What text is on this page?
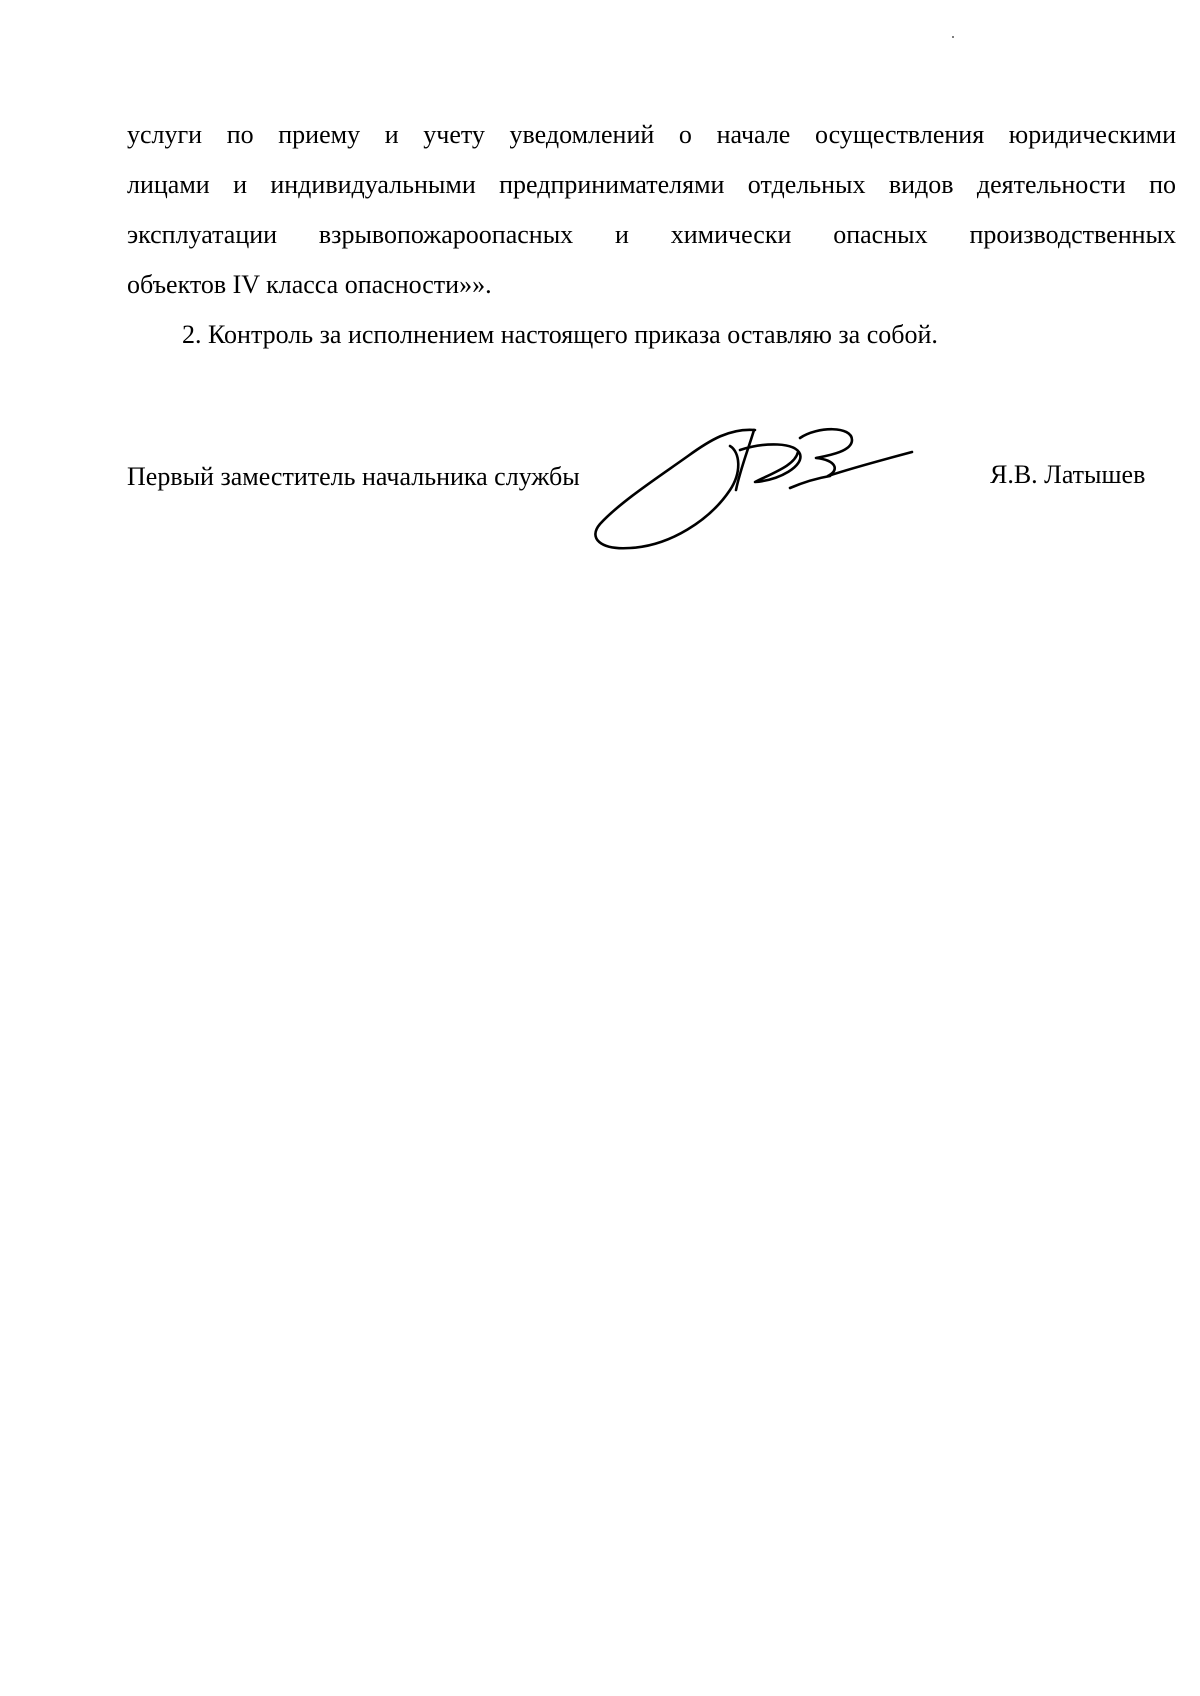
услуги по приему и учету уведомлений о начале осуществления юридическими
лицами и индивидуальными предпринимателями отдельных видов деятельности по
эксплуатации взрывопожароопасных и химически опасных производственных
объектов IV класса опасности»».
2. Контроль за исполнением настоящего приказа оставляю за собой.
Первый заместитель начальника службы	Я.В. Латышев
